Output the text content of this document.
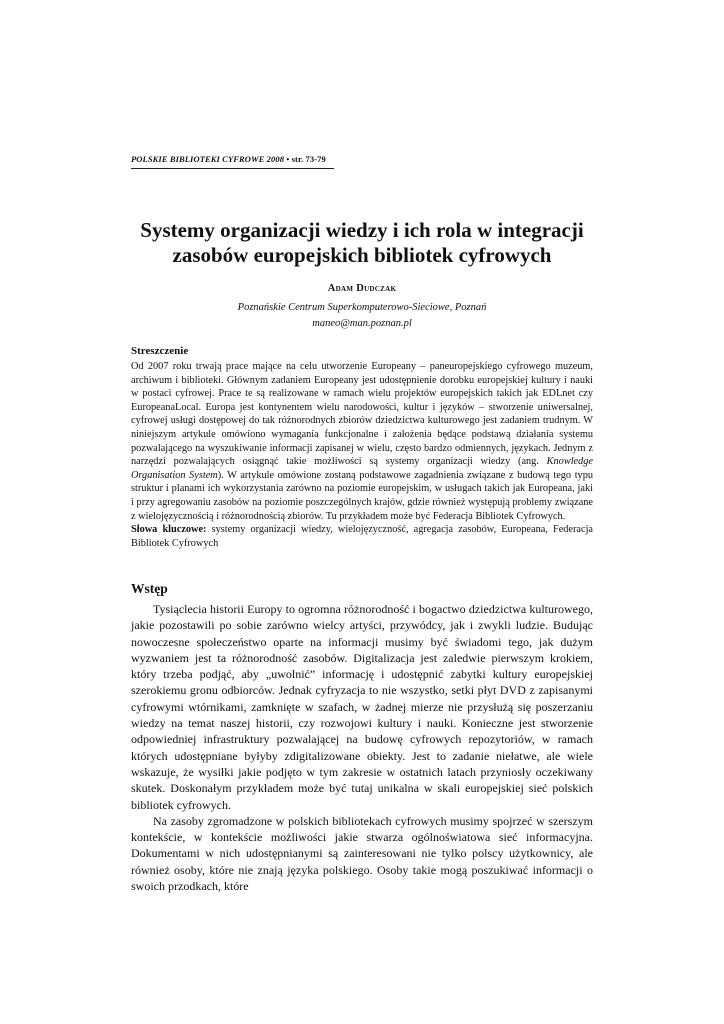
POLSKIE BIBLIOTEKI CYFROWE 2008 • str. 73-79
Systemy organizacji wiedzy i ich rola w integracji zasobów europejskich bibliotek cyfrowych
Adam Dudczak
Poznańskie Centrum Superkomputerowo-Sieciowe, Poznań
maneo@man.poznan.pl
Streszczenie
Od 2007 roku trwają prace mające na celu utworzenie Europeany – paneuropejskiego cyfrowego muzeum, archiwum i biblioteki. Głównym zadaniem Europeany jest udostępnienie dorobku europejskiej kultury i nauki w postaci cyfrowej. Prace te są realizowane w ramach wielu projektów europejskich takich jak EDLnet czy EuropeanaLocal. Europa jest kontynentem wielu narodowości, kultur i języków – stworzenie uniwersalnej, cyfrowej usługi dostępowej do tak różnorodnych zbiorów dziedzictwa kulturowego jest zadaniem trudnym. W niniejszym artykule omówiono wymagania funkcjonalne i założenia będące podstawą działania systemu pozwalającego na wyszukiwanie informacji zapisanej w wielu, często bardzo odmiennych, językach. Jednym z narzędzi pozwalających osiągnąć takie możliwości są systemy organizacji wiedzy (ang. Knowledge Organisation System). W artykule omówione zostaną podstawowe zagadnienia związane z budową tego typu struktur i planami ich wykorzystania zarówno na poziomie europejskim, w usługach takich jak Europeana, jaki i przy agregowaniu zasobów na poziomie poszczególnych krajów, gdzie również występują problemy związane z wielojęzycznością i różnorodnością zbiorów. Tu przykładem może być Federacja Bibliotek Cyfrowych.
Słowa kluczowe: systemy organizacji wiedzy, wielojęzyczność, agregacja zasobów, Europeana, Federacja Bibliotek Cyfrowych
Wstęp

Tysiąclecia historii Europy to ogromna różnorodność i bogactwo dziedzictwa kulturowego, jakie pozostawili po sobie zarówno wielcy artyści, przywódcy, jak i zwykli ludzie. Budując nowoczesne społeczeństwo oparte na informacji musimy być świadomi tego, jak dużym wyzwaniem jest ta różnorodność zasobów. Digitalizacja jest zaledwie pierwszym krokiem, który trzeba podjąć, aby „uwolnić” informację i udostępnić zabytki kultury europejskiej szerokiemu gronu odbiorców. Jednak cyfryzacja to nie wszystko, setki płyt DVD z zapisanymi cyfrowymi wtórnikami, zamknięte w szafach, w żadnej mierze nie przysłużą się poszerzaniu wiedzy na temat naszej historii, czy rozwojowi kultury i nauki. Konieczne jest stworzenie odpowiedniej infrastruktury pozwalającej na budowę cyfrowych repozytoriów, w ramach których udostępniane byłyby zdigitalizowane obiekty. Jest to zadanie niełatwe, ale wiele wskazuje, że wysiłki jakie podjęto w tym zakresie w ostatnich latach przyniosły oczekiwany skutek. Doskonałym przykładem może być tutaj unikalna w skali europejskiej sieć polskich bibliotek cyfrowych.

Na zasoby zgromadzone w polskich bibliotekach cyfrowych musimy spojrzeć w szerszym kontekście, w kontekście możliwości jakie stwarza ogólnoświatowa sieć informacyjna. Dokumentami w nich udostępnianymi są zainteresowani nie tylko polscy użytkownicy, ale również osoby, które nie znają języka polskiego. Osoby takie mogą poszukiwać informacji o swoich przodkach, które
